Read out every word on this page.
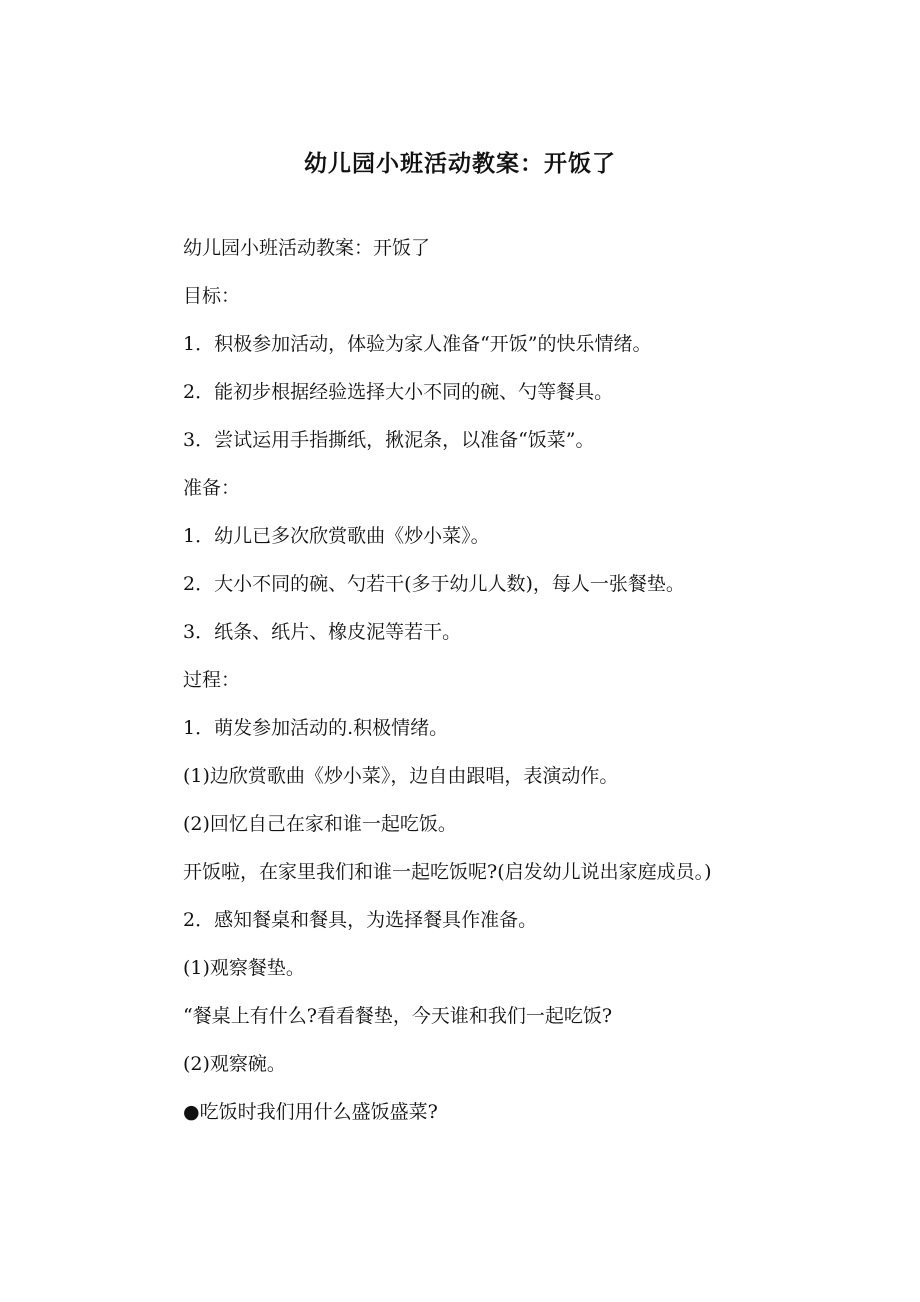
幼儿园小班活动教案：开饭了

幼儿园小班活动教案：开饭了

目标：

1．积极参加活动，体验为家人准备“开饭”的快乐情绪。

2．能初步根据经验选择大小不同的碗、勺等餐具。

3．尝试运用手指撕纸，揪泥条，以准备“饭菜”。

准备：

1．幼儿已多次欣赏歌曲《炒小菜》。

2．大小不同的碗、勺若干(多于幼儿人数)，每人一张餐垫。

3．纸条、纸片、橡皮泥等若干。

过程：

1．萌发参加活动的.积极情绪。

(1)边欣赏歌曲《炒小菜》，边自由跟唱，表演动作。

(2)回忆自己在家和谁一起吃饭。

开饭啦，在家里我们和谁一起吃饭呢?(启发幼儿说出家庭成员。)

2．感知餐桌和餐具，为选择餐具作准备。

(1)观察餐垫。

“餐桌上有什么?看看餐垫，今天谁和我们一起吃饭?

(2)观察碗。

●吃饭时我们用什么盛饭盛菜?
